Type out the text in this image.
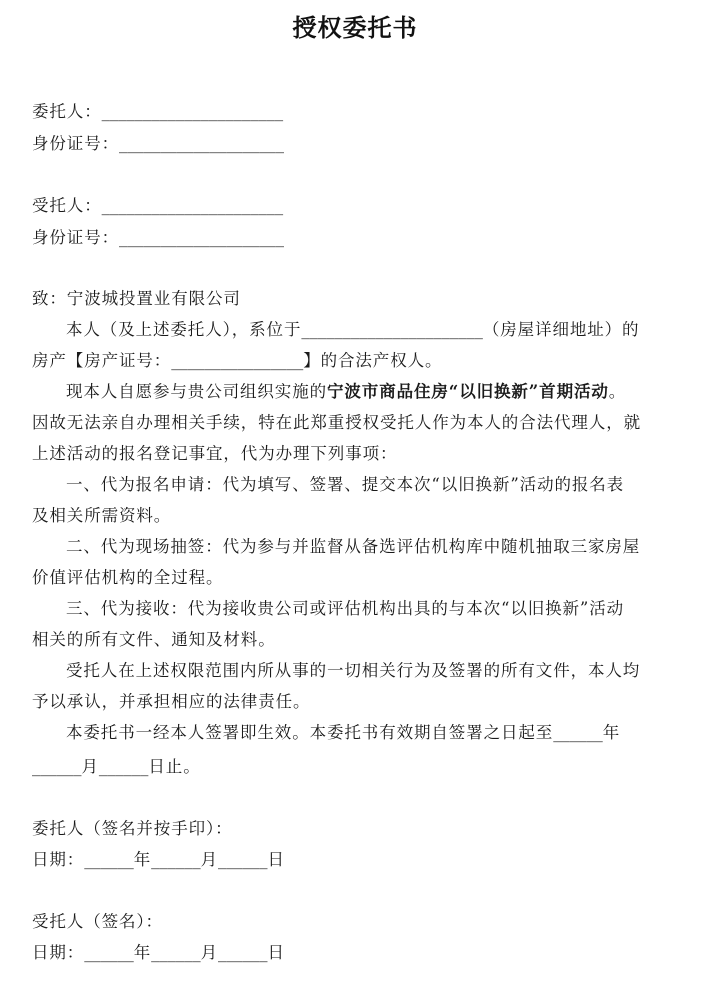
授权委托书
委托人：______________________
身份证号：____________________
受托人：______________________
身份证号：____________________
致：宁波城投置业有限公司
本人（及上述委托人），系位于______________________（房屋详细地址）的
房产【房产证号：________________】的合法产权人。
现本人自愿参与贵公司组织实施的宁波市商品住房“以旧换新”首期活动。
因故无法亲自办理相关手续，特在此郑重授权受托人作为本人的合法代理人，就
上述活动的报名登记事宜，代为办理下列事项：
一、代为报名申请：代为填写、签署、提交本次“以旧换新”活动的报名表
及相关所需资料。
二、代为现场抽签：代为参与并监督从备选评估机构库中随机抽取三家房屋
价值评估机构的全过程。
三、代为接收：代为接收贵公司或评估机构出具的与本次“以旧换新”活动
相关的所有文件、通知及材料。
受托人在上述权限范围内所从事的一切相关行为及签署的所有文件，本人均
予以承认，并承担相应的法律责任。
本委托书一经本人签署即生效。本委托书有效期自签署之日起至______年
______月______日止。
委托人（签名并按手印）：
日期：______年______月______日
受托人（签名）：
日期：______年______月______日
